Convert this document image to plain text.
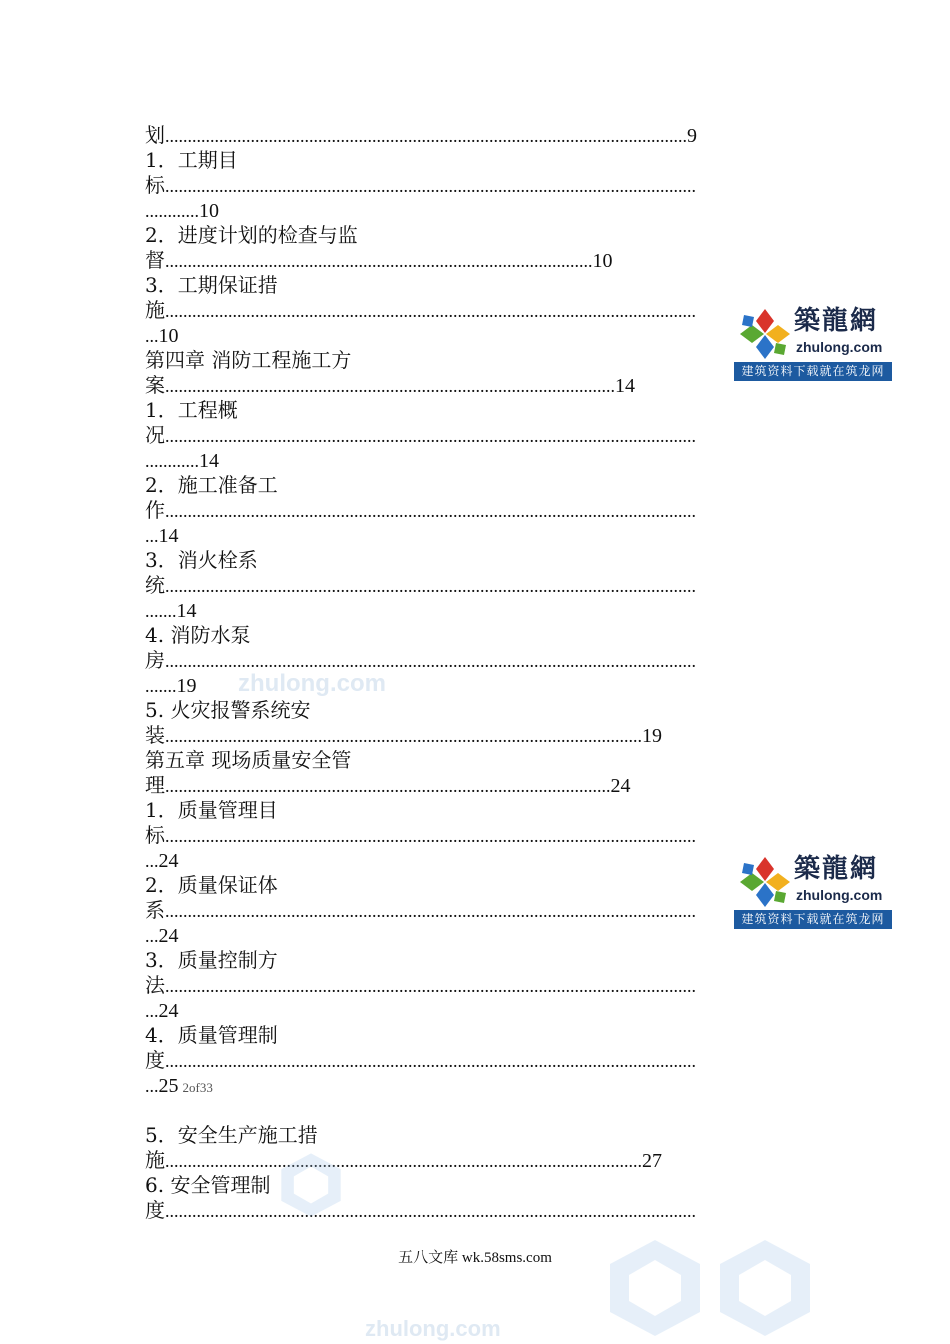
划....................................................................................................................9
1．工期目
标......................................................................................................................
............10
2．进度计划的检查与监
督...............................................................................................10
3．工期保证措
施......................................................................................................................
...10
第四章 消防工程施工方
案....................................................................................................14
1．工程概
况......................................................................................................................
............14
2．施工准备工
作......................................................................................................................
...14
3．消火栓系
统......................................................................................................................
.......14
4. 消防水泵
房......................................................................................................................
.......19
5. 火灾报警系统安
装..........................................................................................................19
第五章 现场质量安全管
理...................................................................................................24
1．质量管理目
标......................................................................................................................
...24
2．质量保证体
系......................................................................................................................
...24
3．质量控制方
法......................................................................................................................
...24
4．质量管理制
度......................................................................................................................
...25 2of33
5．安全生产施工措
施..........................................................................................................27
6. 安全管理制
度......................................................................................................................
zhulong.com
zhulong.com
築龍網
zhulong.com
建筑资料下载就在筑龙网
築龍網
zhulong.com
建筑资料下载就在筑龙网
五八文库 wk.58sms.com
